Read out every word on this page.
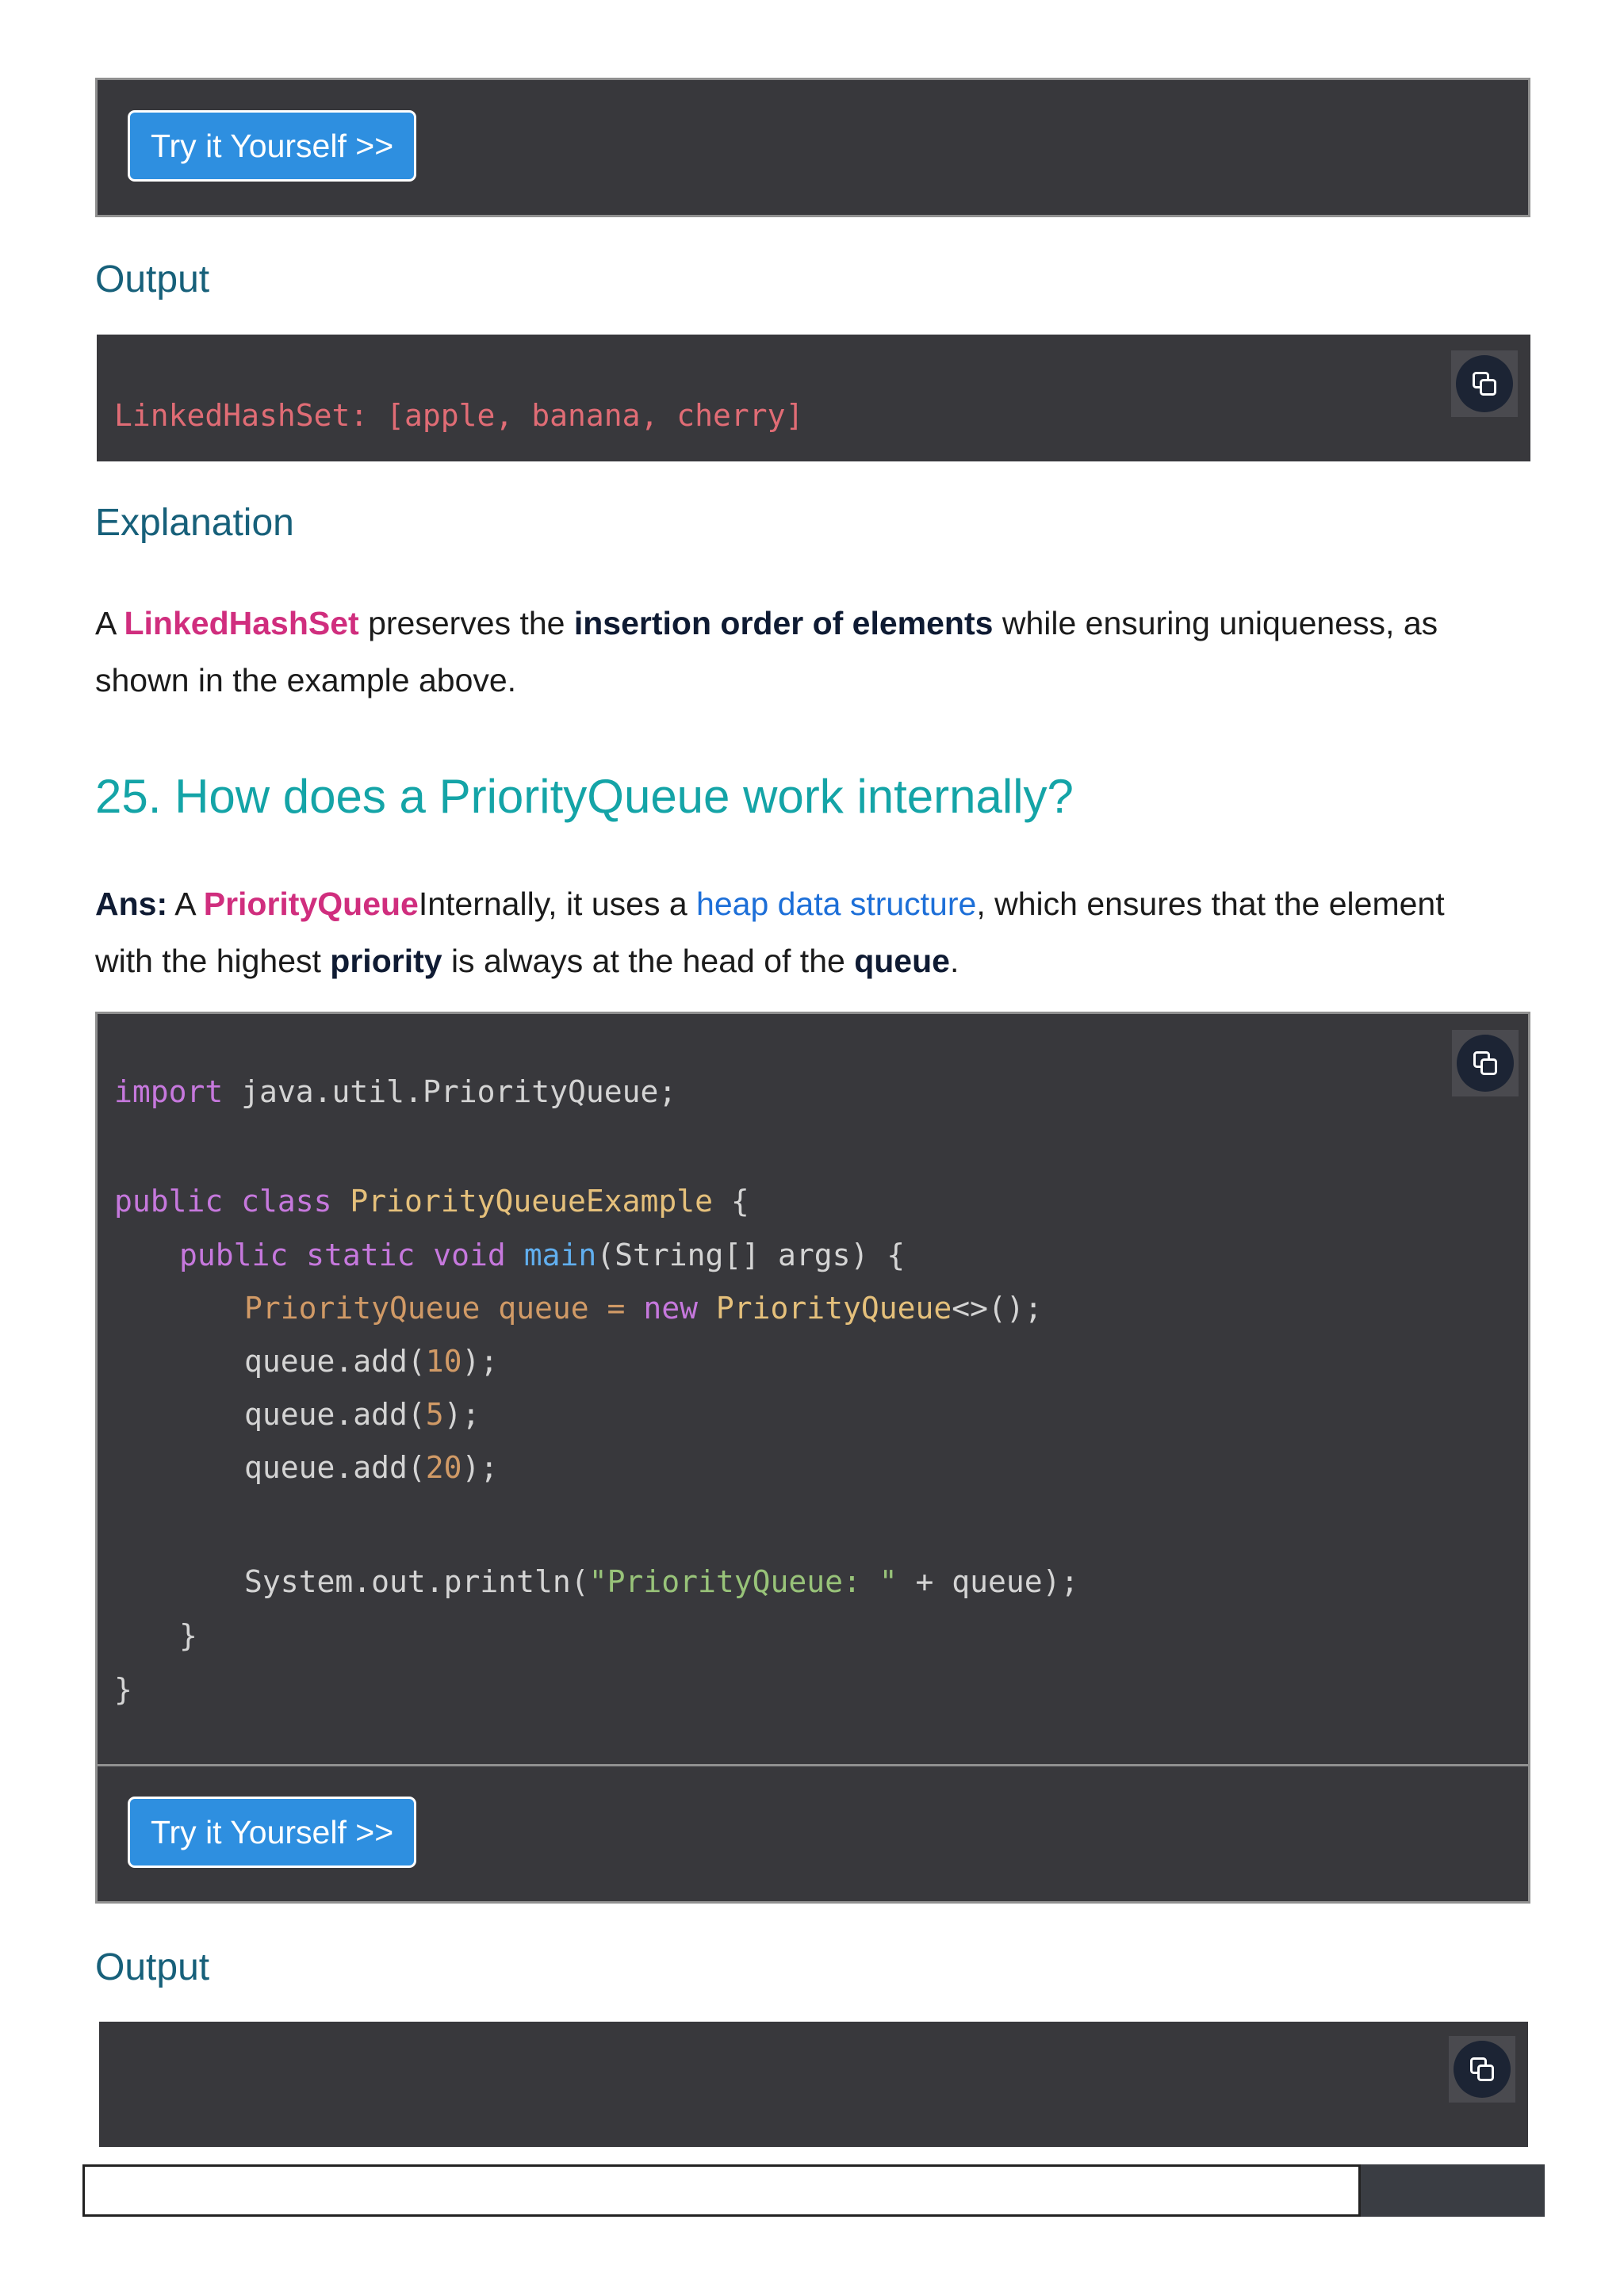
Try it Yourself >>
Output
LinkedHashSet: [apple, banana, cherry]
Explanation
A LinkedHashSet preserves the insertion order of elements while ensuring uniqueness, as
shown in the example above.
25. How does a PriorityQueue work internally?
Ans: A PriorityQueueInternally, it uses a heap data structure, which ensures that the element
with the highest priority is always at the head of the queue.
import java.util.PriorityQueue;
public class PriorityQueueExample {
public static void main(String[] args) {
PriorityQueue queue = new PriorityQueue<>();
queue.add(10);
queue.add(5);
queue.add(20);
System.out.println("PriorityQueue: " + queue);
}
}
Try it Yourself >>
Output
